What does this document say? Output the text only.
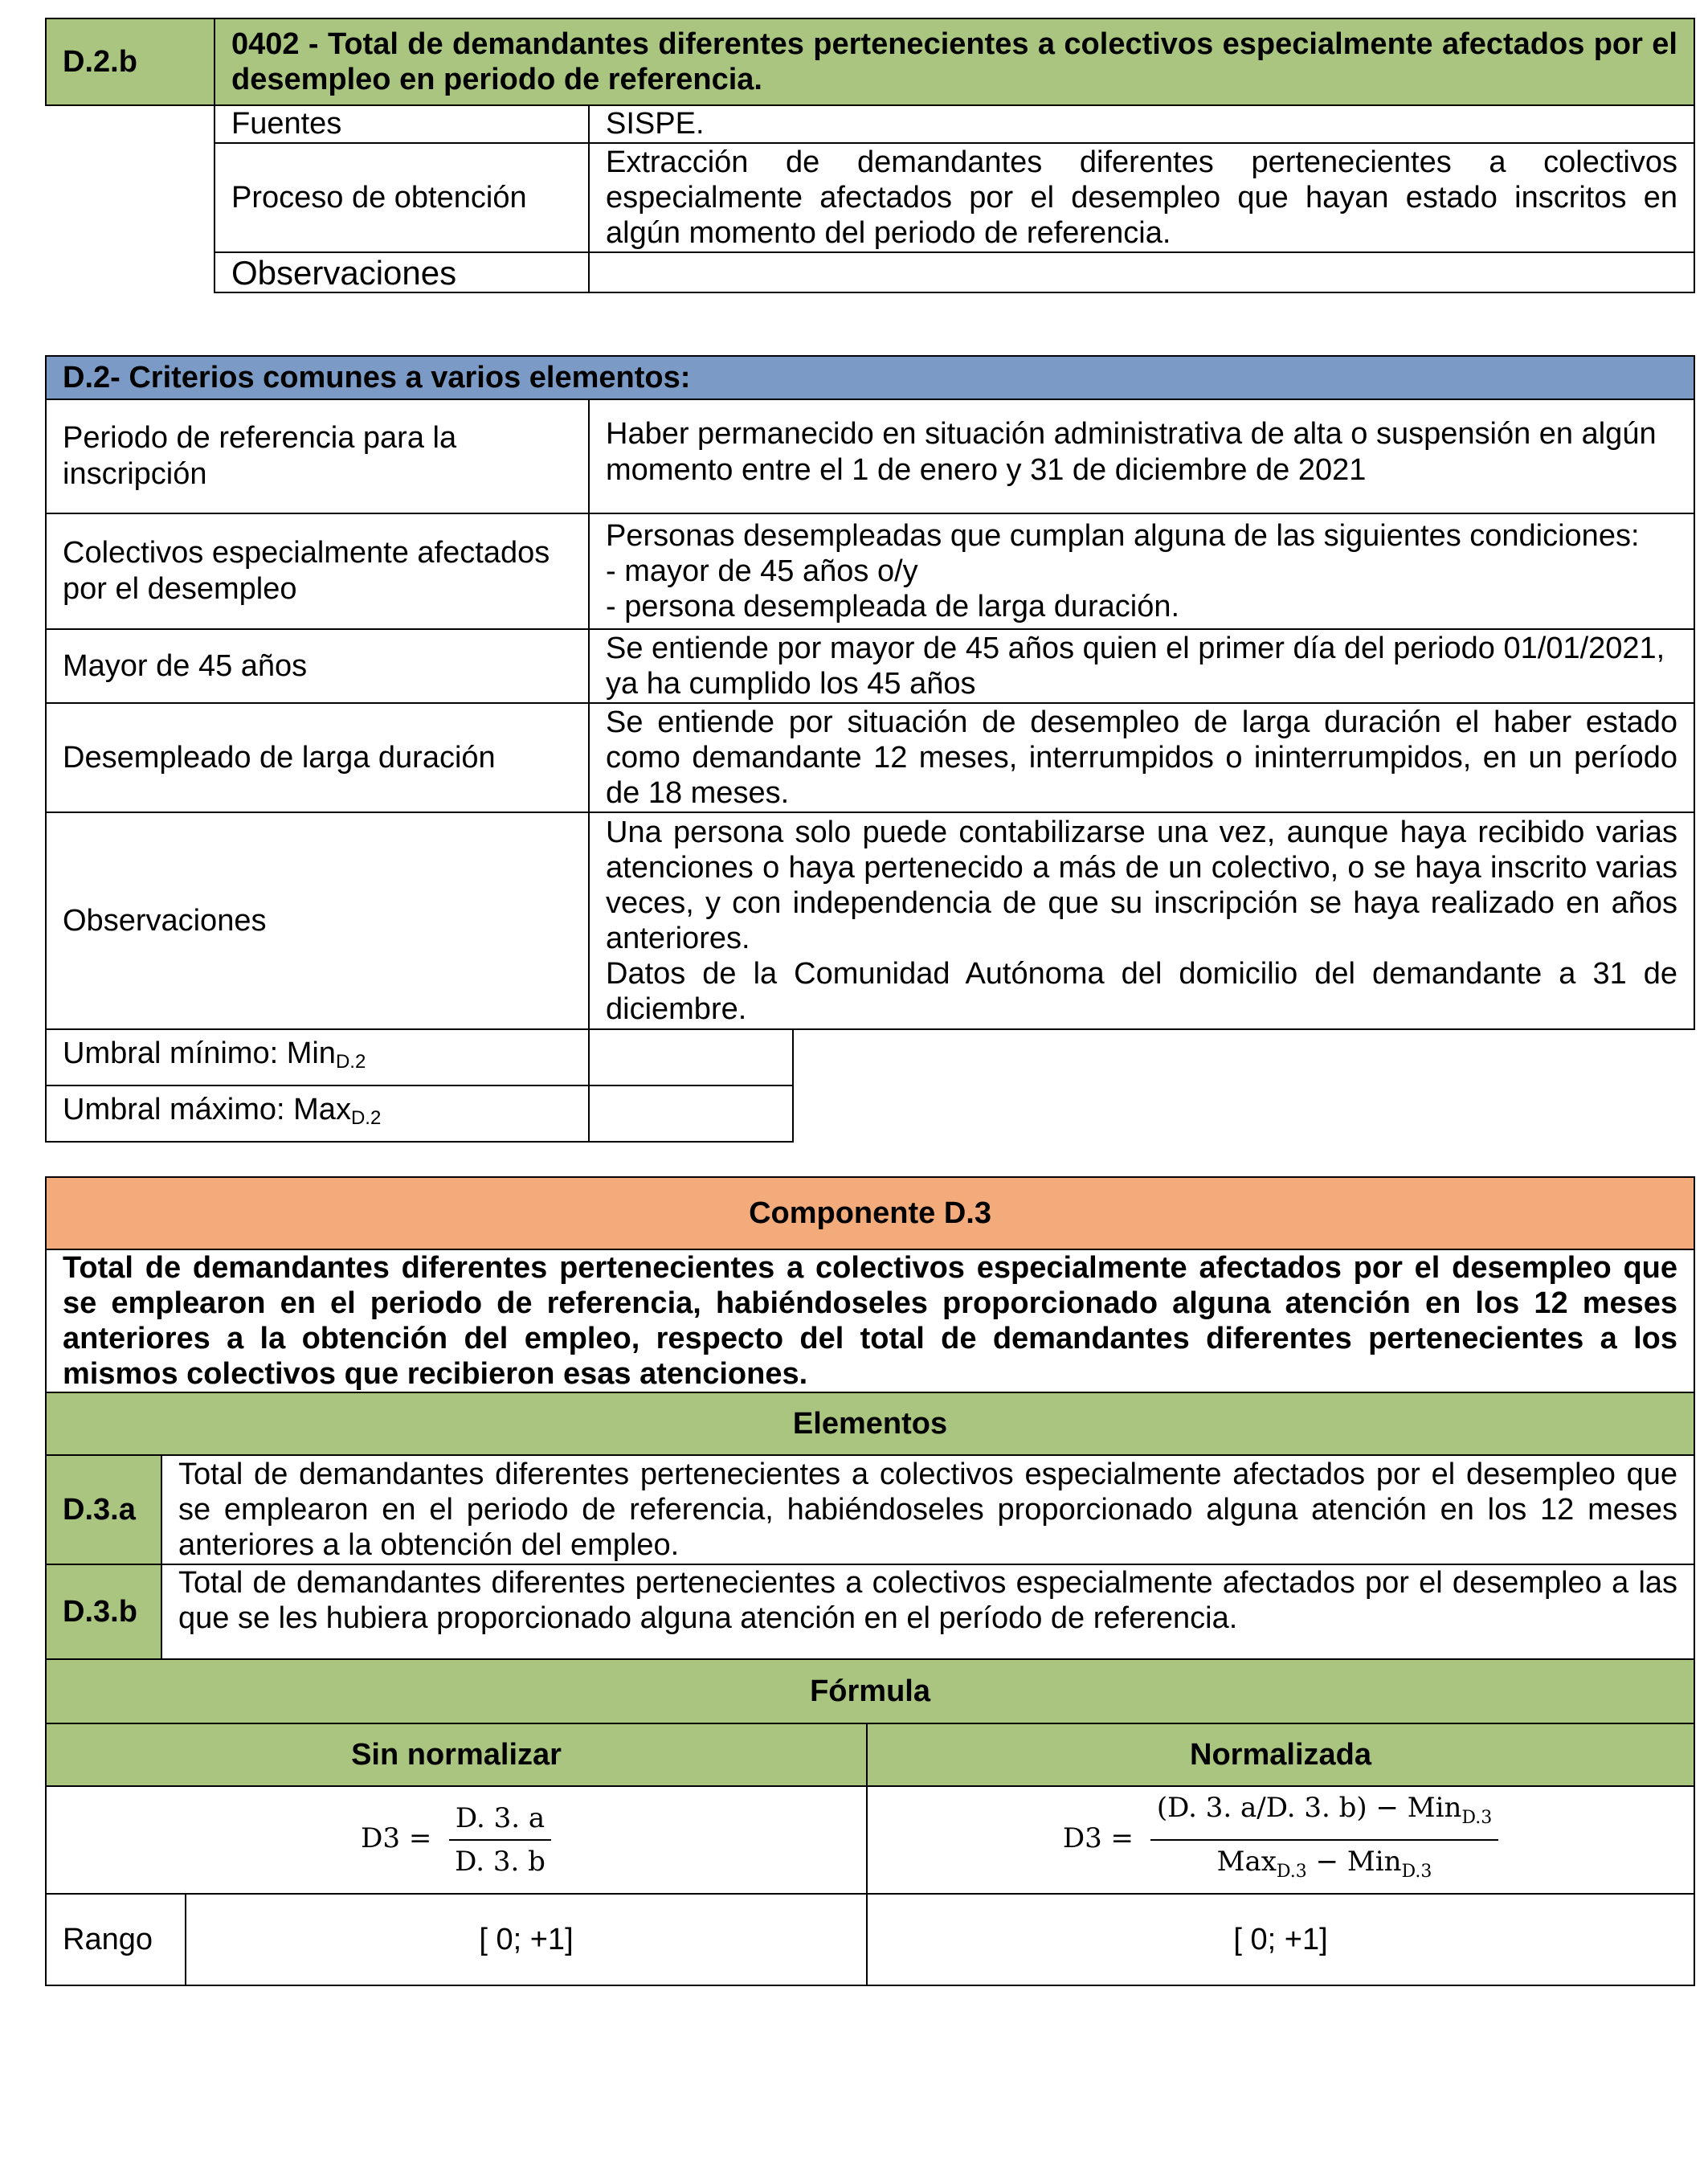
D.2.b	0402 - Total de demandantes diferentes pertenecientes a colectivos especialmente afectados por el desempleo en periodo de referencia.	
	Fuentes	SISPE.
	Proceso de obtención	Extracción de demandantes diferentes pertenecientes a colectivos especialmente afectados por el desempleo que hayan estado inscritos en algún momento del periodo de referencia.
	Observaciones	
D.2- Criterios comunes a varios elementos:		
Periodo de referencia para la inscripción	Haber permanecido en situación administrativa de alta o suspensión en algún momento entre el 1 de enero y 31 de diciembre de 2021	
Colectivos especialmente afectados por el desempleo	Personas desempleadas que cumplan alguna de las siguientes condiciones:
- mayor de 45 años o/y
- persona desempleada de larga duración.	

Mayor de 45 años	Se entiende por mayor de 45 años quien el primer día del periodo 01/01/2021, ya ha cumplido los 45 años	
Desempleado de larga duración	Se entiende por situación de desempleo de larga duración el haber estado como demandante 12 meses, interrumpidos o ininterrumpidos, en un período de 18 meses.	
Observaciones	Una persona solo puede contabilizarse una vez, aunque haya recibido varias atenciones o haya pertenecido a más de un colectivo, o se haya inscrito varias veces, y con independencia de que su inscripción se haya realizado en años anteriores.
Datos de la Comunidad Autónoma del domicilio del demandante a 31 de diciembre.	

Umbral mínimo: Min$_{D.2}$		
Umbral máximo: Max$_{D.2}$		
Componente D.3			
Total de demandantes diferentes pertenecientes a colectivos especialmente afectados por el desempleo que se emplearon en el periodo de referencia, habiéndoseles proporcionado alguna atención en los 12 meses anteriores a la obtención del empleo, respecto del total de demandantes diferentes pertenecientes a los mismos colectivos que recibieron esas atenciones.			
Elementos			
D.3.a	Total de demandantes diferentes pertenecientes a colectivos especialmente afectados por el desempleo que se emplearon en el periodo de referencia, habiéndoseles proporcionado alguna atención en los 12 meses anteriores a la obtención del empleo.		
D.3.b	Total de demandantes diferentes pertenecientes a colectivos especialmente afectados por el desempleo a las que se les hubiera proporcionado alguna atención en el período de referencia.		
Fórmula			
Sin normalizar			Normalizada
$D3 = \frac{D. 3. a}{D. 3. b}$			$D3 = \frac{(D. 3. a/D. 3. b) - Min_{D.3}}{Max_{D.3} - Min_{D.3}}$

Rango		[ 0; +1]	[ 0; +1]
